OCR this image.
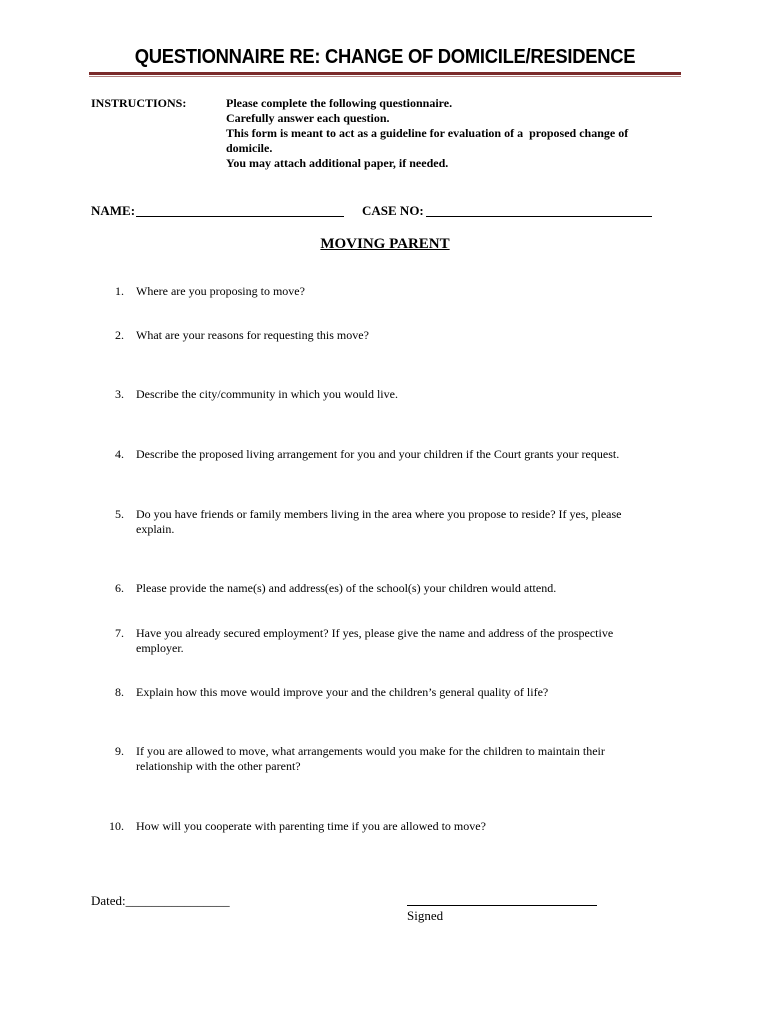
QUESTIONNAIRE RE: CHANGE OF DOMICILE/RESIDENCE
INSTRUCTIONS:	Please complete the following questionnaire.
Carefully answer each question.
This form is meant to act as a guideline for evaluation of a  proposed change of
domicile.
You may attach additional paper, if needed.
NAME:	CASE NO:
MOVING PARENT
1. Where are you proposing to move?
2. What are your reasons for requesting this move?
3. Describe the city/community in which you would live.
4. Describe the proposed living arrangement for you and your children if the Court grants your request.
5. Do you have friends or family members living in the area where you propose to reside? If yes, please explain.
6. Please provide the name(s) and address(es) of the school(s) your children would attend.
7. Have you already secured employment? If yes, please give the name and address of the prospective employer.
8. Explain how this move would improve your and the children’s general quality of life?
9. If you are allowed to move, what arrangements would you make for the children to maintain their relationship with the other parent?
10. How will you cooperate with parenting time if you are allowed to move?
Dated:________________
Signed
